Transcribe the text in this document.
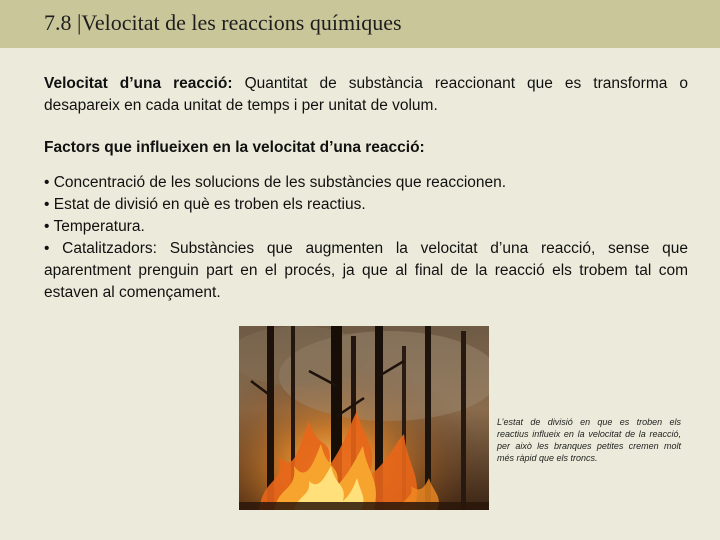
7.8 |Velocitat de les reaccions químiques

Velocitat d’una reacció: Quantitat de substància reaccionant que es transforma o desapareix en cada unitat de temps i per unitat de volum.

Factors que influeixen en la velocitat d’una reacció:

• Concentració de les solucions de les substàncies que reaccionen.
• Estat de divisió en què es troben els reactius.
• Temperatura.
• Catalitzadors: Substàncies que augmenten la velocitat d’una reacció, sense que aparentment prenguin part en el procés, ja que al final de la reacció els trobem tal com estaven al començament.
L’estat de divisió en que es troben els reactius influeix en la velocitat de la reacció, per això les branques petites cremen molt més ràpid que els troncs.
